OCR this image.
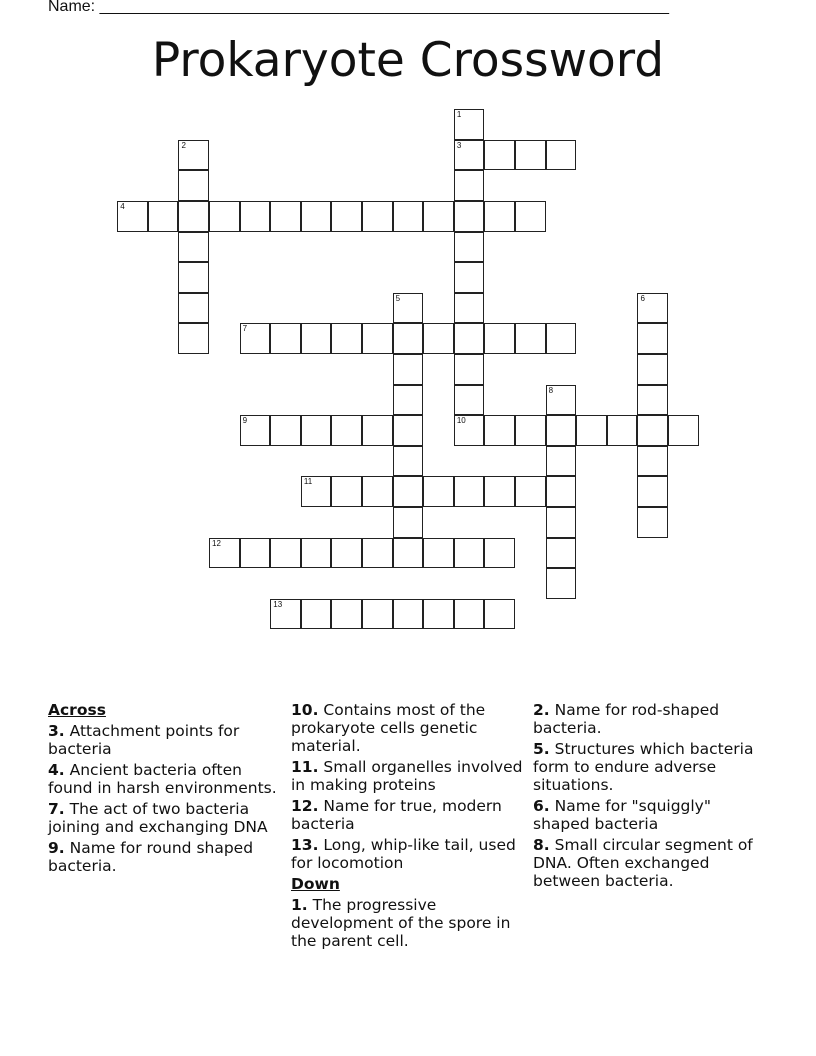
Name: ________________________________________________________________
Prokaryote Crossword
3
4
7
9	10
11
12
13
1
2
5	6
8
Across
3. Attachment points for bacteria
4. Ancient bacteria often found in harsh environments.
7. The act of two bacteria joining and exchanging DNA
9. Name for round shaped bacteria.
10. Contains most of the prokaryote cells genetic material.
11. Small organelles involved in making proteins
12. Name for true, modern bacteria
13. Long, whip-like tail, used for locomotion
Down
1. The progressive development of the spore in the parent cell.
2. Name for rod-shaped bacteria.
5. Structures which bacteria form to endure adverse situations.
6. Name for "squiggly" shaped bacteria
8. Small circular segment of DNA. Often exchanged between bacteria.
